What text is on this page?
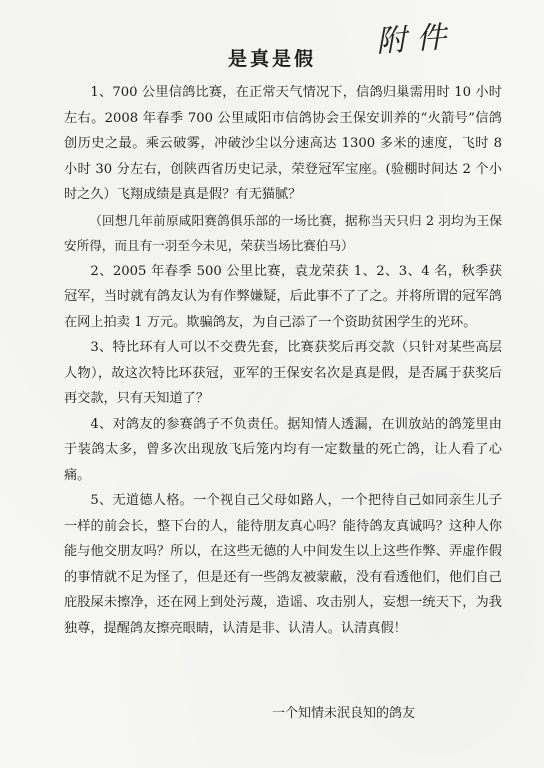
附件
是真是假

1、700 公里信鸽比赛，在正常天气情况下，信鸽归巢需用时 10 小时左右。2008 年春季 700 公里咸阳市信鸽协会王保安训养的“火箭号”信鸽创历史之最。乘云破雾，冲破沙尘以分速高达 1300 多米的速度，飞时 8 小时 30 分左右，创陕西省历史记录，荣登冠军宝座。(验棚时间达 2 个小时之久）飞翔成绩是真是假？有无猫腻？

（回想几年前原咸阳赛鸽俱乐部的一场比赛，据称当天只归 2 羽均为王保安所得，而且有一羽至今未见，荣获当场比赛伯马）

2、2005 年春季 500 公里比赛，袁龙荣获 1、2、3、4 名，秋季获冠军，当时就有鸽友认为有作弊嫌疑，后此事不了了之。并将所谓的冠军鸽在网上拍卖 1 万元。欺骗鸽友，为自己添了一个资助贫困学生的光环。

3、特比环有人可以不交费先套，比赛获奖后再交款（只针对某些高层人物），故这次特比环获冠，亚军的王保安名次是真是假，是否属于获奖后再交款，只有天知道了？

4、对鸽友的参赛鸽子不负责任。据知情人透漏，在训放站的鸽笼里由于装鸽太多，曾多次出现放飞后笼内均有一定数量的死亡鸽，让人看了心痛。

5、无道德人格。一个视自己父母如路人，一个把待自己如同亲生儿子一样的前会长，整下台的人，能待朋友真心吗？能待鸽友真诚吗？这种人你能与他交朋友吗？所以，在这些无德的人中间发生以上这些作弊、弄虚作假的事情就不足为怪了，但是还有一些鸽友被蒙蔽，没有看透他们，他们自己庇股屎未擦净，还在网上到处污蔑，造谣、攻击别人，妄想一统天下，为我独尊，提醒鸽友擦亮眼睛，认清是非、认清人。认清真假！

一个知情未泯良知的鸽友
